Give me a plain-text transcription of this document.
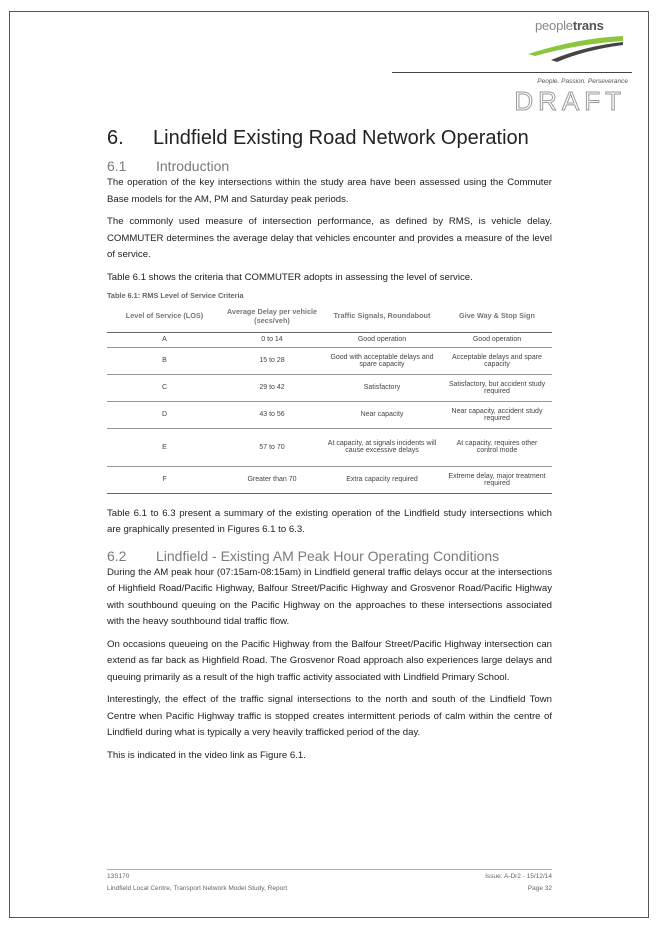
peopletrans
People. Passion. Perseverance
DRAFT
6.	Lindfield Existing Road Network Operation
6.1	Introduction

The operation of the key intersections within the study area have been assessed using the Commuter Base models for the AM, PM and Saturday peak periods.

The commonly used measure of intersection performance, as defined by RMS, is vehicle delay. COMMUTER determines the average delay that vehicles encounter and provides a measure of the level of service.

Table 6.1 shows the criteria that COMMUTER adopts in assessing the level of service.

Table 6.1: RMS Level of Service Criteria
Level of Service (LOS)	Average Delay per vehicle (secs/veh)	Traffic Signals, Roundabout	Give Way & Stop Sign
A	0 to 14	Good operation	Good operation
B	15 to 28	Good with acceptable delays and spare capacity	Acceptable delays and spare capacity
C	29 to 42	Satisfactory	Satisfactory, but accident study required
D	43 to 56	Near capacity	Near capacity, accident study required
E	57 to 70	At capacity, at signals incidents will cause excessive delays	At capacity, requires other control mode
F	Greater than 70	Extra capacity required	Extreme delay, major treatment required

Table 6.1 to 6.3 present a summary of the existing operation of the Lindfield study intersections which are graphically presented in Figures 6.1 to 6.3.

6.2	Lindfield - Existing AM Peak Hour Operating Conditions

During the AM peak hour (07:15am-08:15am) in Lindfield general traffic delays occur at the intersections of Highfield Road/Pacific Highway, Balfour Street/Pacific Highway and Grosvenor Road/Pacific Highway with southbound queuing on the Pacific Highway on the approaches to these intersections associated with the heavy southbound tidal traffic flow.

On occasions queueing on the Pacific Highway from the Balfour Street/Pacific Highway intersection can extend as far back as Highfield Road. The Grosvenor Road approach also experiences large delays and queuing primarily as a result of the high traffic activity associated with Lindfield Primary School.

Interestingly, the effect of the traffic signal intersections to the north and south of the Lindfield Town Centre when Pacific Highway traffic is stopped creates intermittent periods of calm within the centre of Lindfield during what is typically a very heavily trafficked period of the day.

This is indicated in the video link as Figure 6.1.

13S170
Lindfield Local Centre, Transport Network Model Study, Report
Issue: A-Dr2 - 15/12/14
Page 32
